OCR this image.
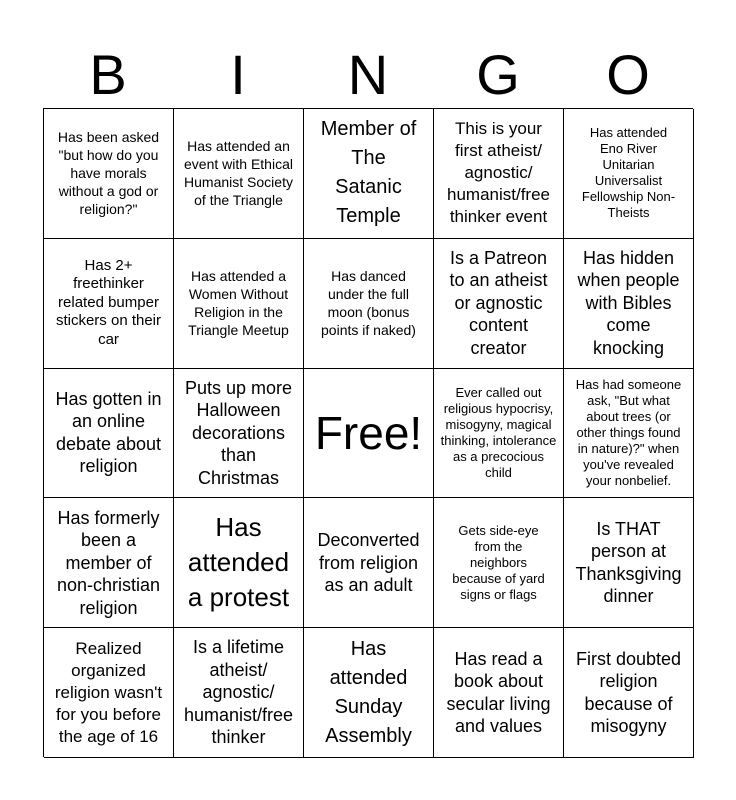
B	I	N	G	O
Has been asked "but how do you have morals without a god or religion?"
Has attended an event with Ethical Humanist Society of the Triangle
Member of The Satanic Temple
This is your first atheist/ agnostic/ humanist/free thinker event
Has attended Eno River Unitarian Universalist Fellowship Non-Theists
Has 2+ freethinker related bumper stickers on their car
Has attended a Women Without Religion in the Triangle Meetup
Has danced under the full moon (bonus points if naked)
Is a Patreon to an atheist or agnostic content creator
Has hidden when people with Bibles come knocking
Has gotten in an online debate about religion
Puts up more Halloween decorations than Christmas
Free!
Ever called out religious hypocrisy, misogyny, magical thinking, intolerance as a precocious child
Has had someone ask, "But what about trees (or other things found in nature)?" when you've revealed your nonbelief.
Has formerly been a member of non-christian religion
Has attended a protest
Deconverted from religion as an adult
Gets side-eye from the neighbors because of yard signs or flags
Is THAT person at Thanksgiving dinner
Realized organized religion wasn't for you before the age of 16
Is a lifetime atheist/ agnostic/ humanist/free thinker
Has attended Sunday Assembly
Has read a book about secular living and values
First doubted religion because of misogyny
